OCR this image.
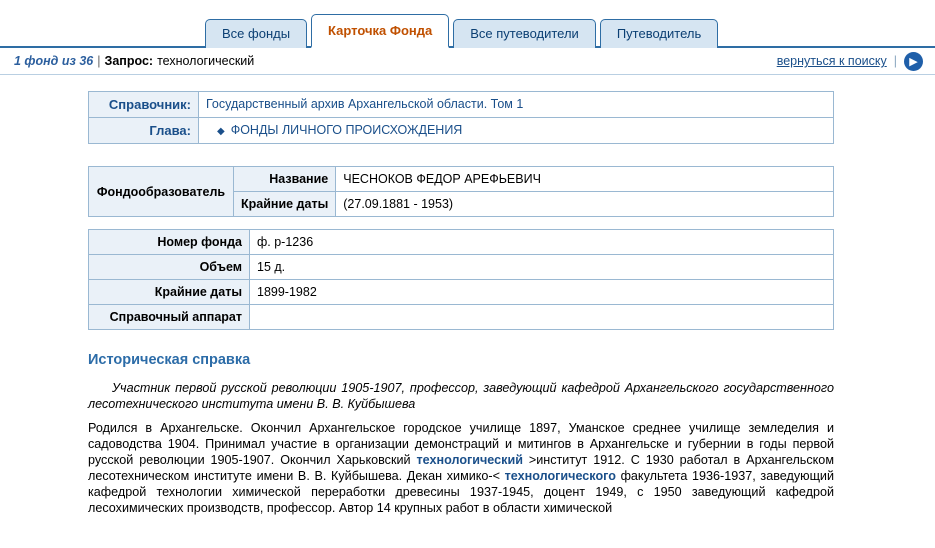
Все фонды	Карточка Фонда	Все путеводители	Путеводитель
1 фонд из 36 | Запрос: технологический	вернуться к поиску |	▶
Справочник:	Государственный архив Архангельской области. Том 1
Глава:	◆ ФОНДЫ ЛИЧНОГО ПРОИСХОЖДЕНИЯ
Фондообразователь	Название	ЧЕСНОКОВ ФЕДОР АРЕФЬЕВИЧ
	Крайние даты	(27.09.1881 - 1953)
Номер фонда	ф. р-1236
Объем	15 д.
Крайние даты	1899-1982
Справочный аппарат	
Историческая справка

Участник первой русской революции 1905-1907, профессор, заведующий кафедрой Архангельского государственного лесотехнического института имени В. В. Куйбышева

Родился в Архангельске. Окончил Архангельское городское училище 1897, Уманское среднее училище земледелия и садоводства 1904. Принимал участие в организации демонстраций и митингов в Архангельске и губернии в годы первой русской революции 1905-1907. Окончил Харьковский технологический >институт 1912. С 1930 работал в Архангельском лесотехническом институте имени В. В. Куйбышева. Декан химико-< технологического факультета 1936-1937, заведующий кафедрой технологии химической переработки древесины 1937-1945, доцент 1949, с 1950 заведующий кафедрой лесохимических производств, профессор. Автор 14 крупных работ в области химической
